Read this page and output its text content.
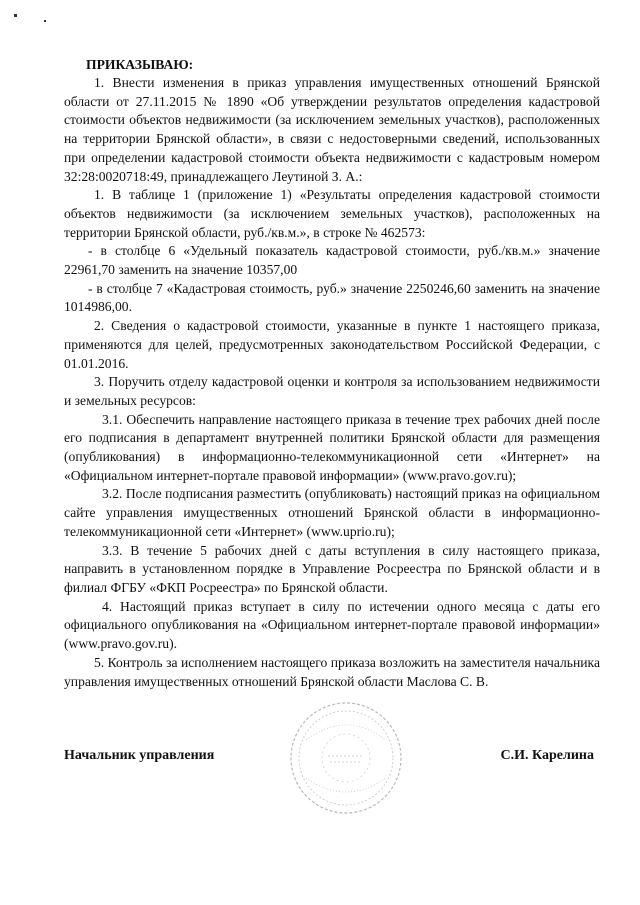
ПРИКАЗЫВАЮ:

1. Внести изменения в приказ управления имущественных отношений Брянской области от 27.11.2015 № 1890 «Об утверждении результатов определения кадастровой стоимости объектов недвижимости (за исключением земельных участков), расположенных на территории Брянской области», в связи с недостоверными сведений, использованных при определении кадастровой стоимости объекта недвижимости с кадастровым номером 32:28:0020718:49, принадлежащего Леутиной З. А.:

1. В таблице 1 (приложение 1) «Результаты определения кадастровой стоимости объектов недвижимости (за исключением земельных участков), расположенных на территории Брянской области, руб./кв.м.», в строке № 462573:

- в столбце 6 «Удельный показатель кадастровой стоимости, руб./кв.м.» значение 22961,70 заменить на значение 10357,00

- в столбце 7 «Кадастровая стоимость, руб.» значение 2250246,60 заменить на значение 1014986,00.

2. Сведения о кадастровой стоимости, указанные в пункте 1 настоящего приказа, применяются для целей, предусмотренных законодательством Российской Федерации, с 01.01.2016.

3. Поручить отделу кадастровой оценки и контроля за использованием недвижимости и земельных ресурсов:

3.1. Обеспечить направление настоящего приказа в течение трех рабочих дней после его подписания в департамент внутренней политики Брянской области для размещения (опубликования) в информационно-телекоммуникационной сети «Интернет» на «Официальном интернет-портале правовой информации» (www.pravo.gov.ru);

3.2. После подписания разместить (опубликовать) настоящий приказ на официальном сайте управления имущественных отношений Брянской области в информационно-телекоммуникационной сети «Интернет» (www.uprio.ru);

3.3. В течение 5 рабочих дней с даты вступления в силу настоящего приказа, направить в установленном порядке в Управление Росреестра по Брянской области и в филиал ФГБУ «ФКП Росреестра» по Брянской области.

4. Настоящий приказ вступает в силу по истечении одного месяца с даты его официального опубликования на «Официальном интернет-портале правовой информации» (www.pravo.gov.ru).

5. Контроль за исполнением настоящего приказа возложить на заместителя начальника управления имущественных отношений Брянской области Маслова С. В.

Начальник управления	С.И. Карелина
